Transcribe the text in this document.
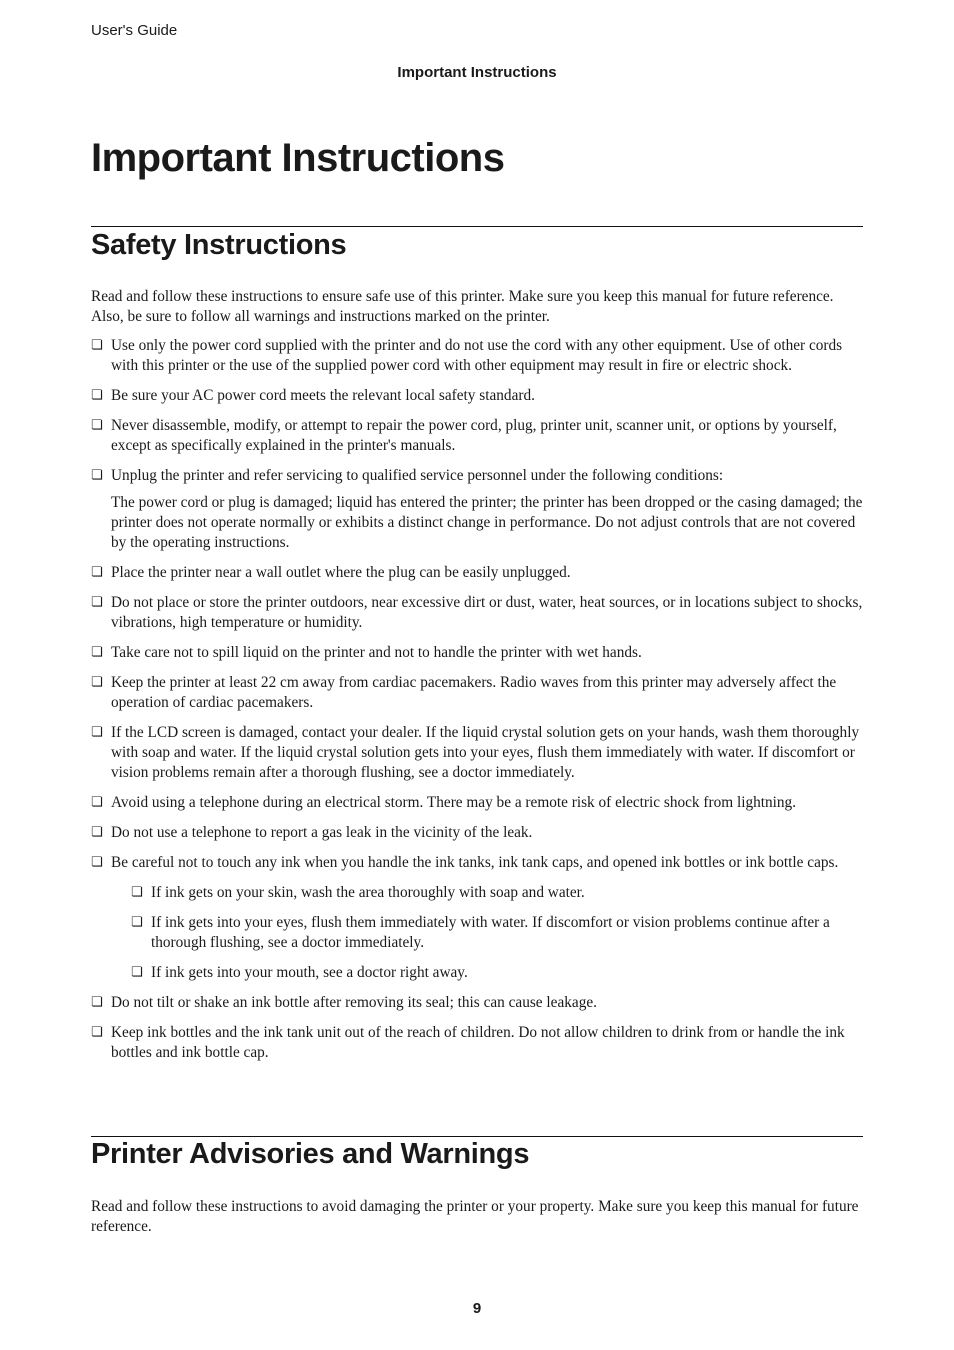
User's Guide
Important Instructions
Important Instructions
Safety Instructions

Read and follow these instructions to ensure safe use of this printer. Make sure you keep this manual for future reference. Also, be sure to follow all warnings and instructions marked on the printer.

❏ Use only the power cord supplied with the printer and do not use the cord with any other equipment. Use of other cords with this printer or the use of the supplied power cord with other equipment may result in fire or electric shock.
❏ Be sure your AC power cord meets the relevant local safety standard.
❏ Never disassemble, modify, or attempt to repair the power cord, plug, printer unit, scanner unit, or options by yourself, except as specifically explained in the printer's manuals.
❏ Unplug the printer and refer servicing to qualified service personnel under the following conditions:
The power cord or plug is damaged; liquid has entered the printer; the printer has been dropped or the casing damaged; the printer does not operate normally or exhibits a distinct change in performance. Do not adjust controls that are not covered by the operating instructions.
❏ Place the printer near a wall outlet where the plug can be easily unplugged.
❏ Do not place or store the printer outdoors, near excessive dirt or dust, water, heat sources, or in locations subject to shocks, vibrations, high temperature or humidity.
❏ Take care not to spill liquid on the printer and not to handle the printer with wet hands.
❏ Keep the printer at least 22 cm away from cardiac pacemakers. Radio waves from this printer may adversely affect the operation of cardiac pacemakers.
❏ If the LCD screen is damaged, contact your dealer. If the liquid crystal solution gets on your hands, wash them thoroughly with soap and water. If the liquid crystal solution gets into your eyes, flush them immediately with water. If discomfort or vision problems remain after a thorough flushing, see a doctor immediately.
❏ Avoid using a telephone during an electrical storm. There may be a remote risk of electric shock from lightning.
❏ Do not use a telephone to report a gas leak in the vicinity of the leak.
❏ Be careful not to touch any ink when you handle the ink tanks, ink tank caps, and opened ink bottles or ink bottle caps.
❏ If ink gets on your skin, wash the area thoroughly with soap and water.
❏ If ink gets into your eyes, flush them immediately with water. If discomfort or vision problems continue after a thorough flushing, see a doctor immediately.
❏ If ink gets into your mouth, see a doctor right away.
❏ Do not tilt or shake an ink bottle after removing its seal; this can cause leakage.
❏ Keep ink bottles and the ink tank unit out of the reach of children. Do not allow children to drink from or handle the ink bottles and ink bottle cap.
Printer Advisories and Warnings

Read and follow these instructions to avoid damaging the printer or your property. Make sure you keep this manual for future reference.

9
